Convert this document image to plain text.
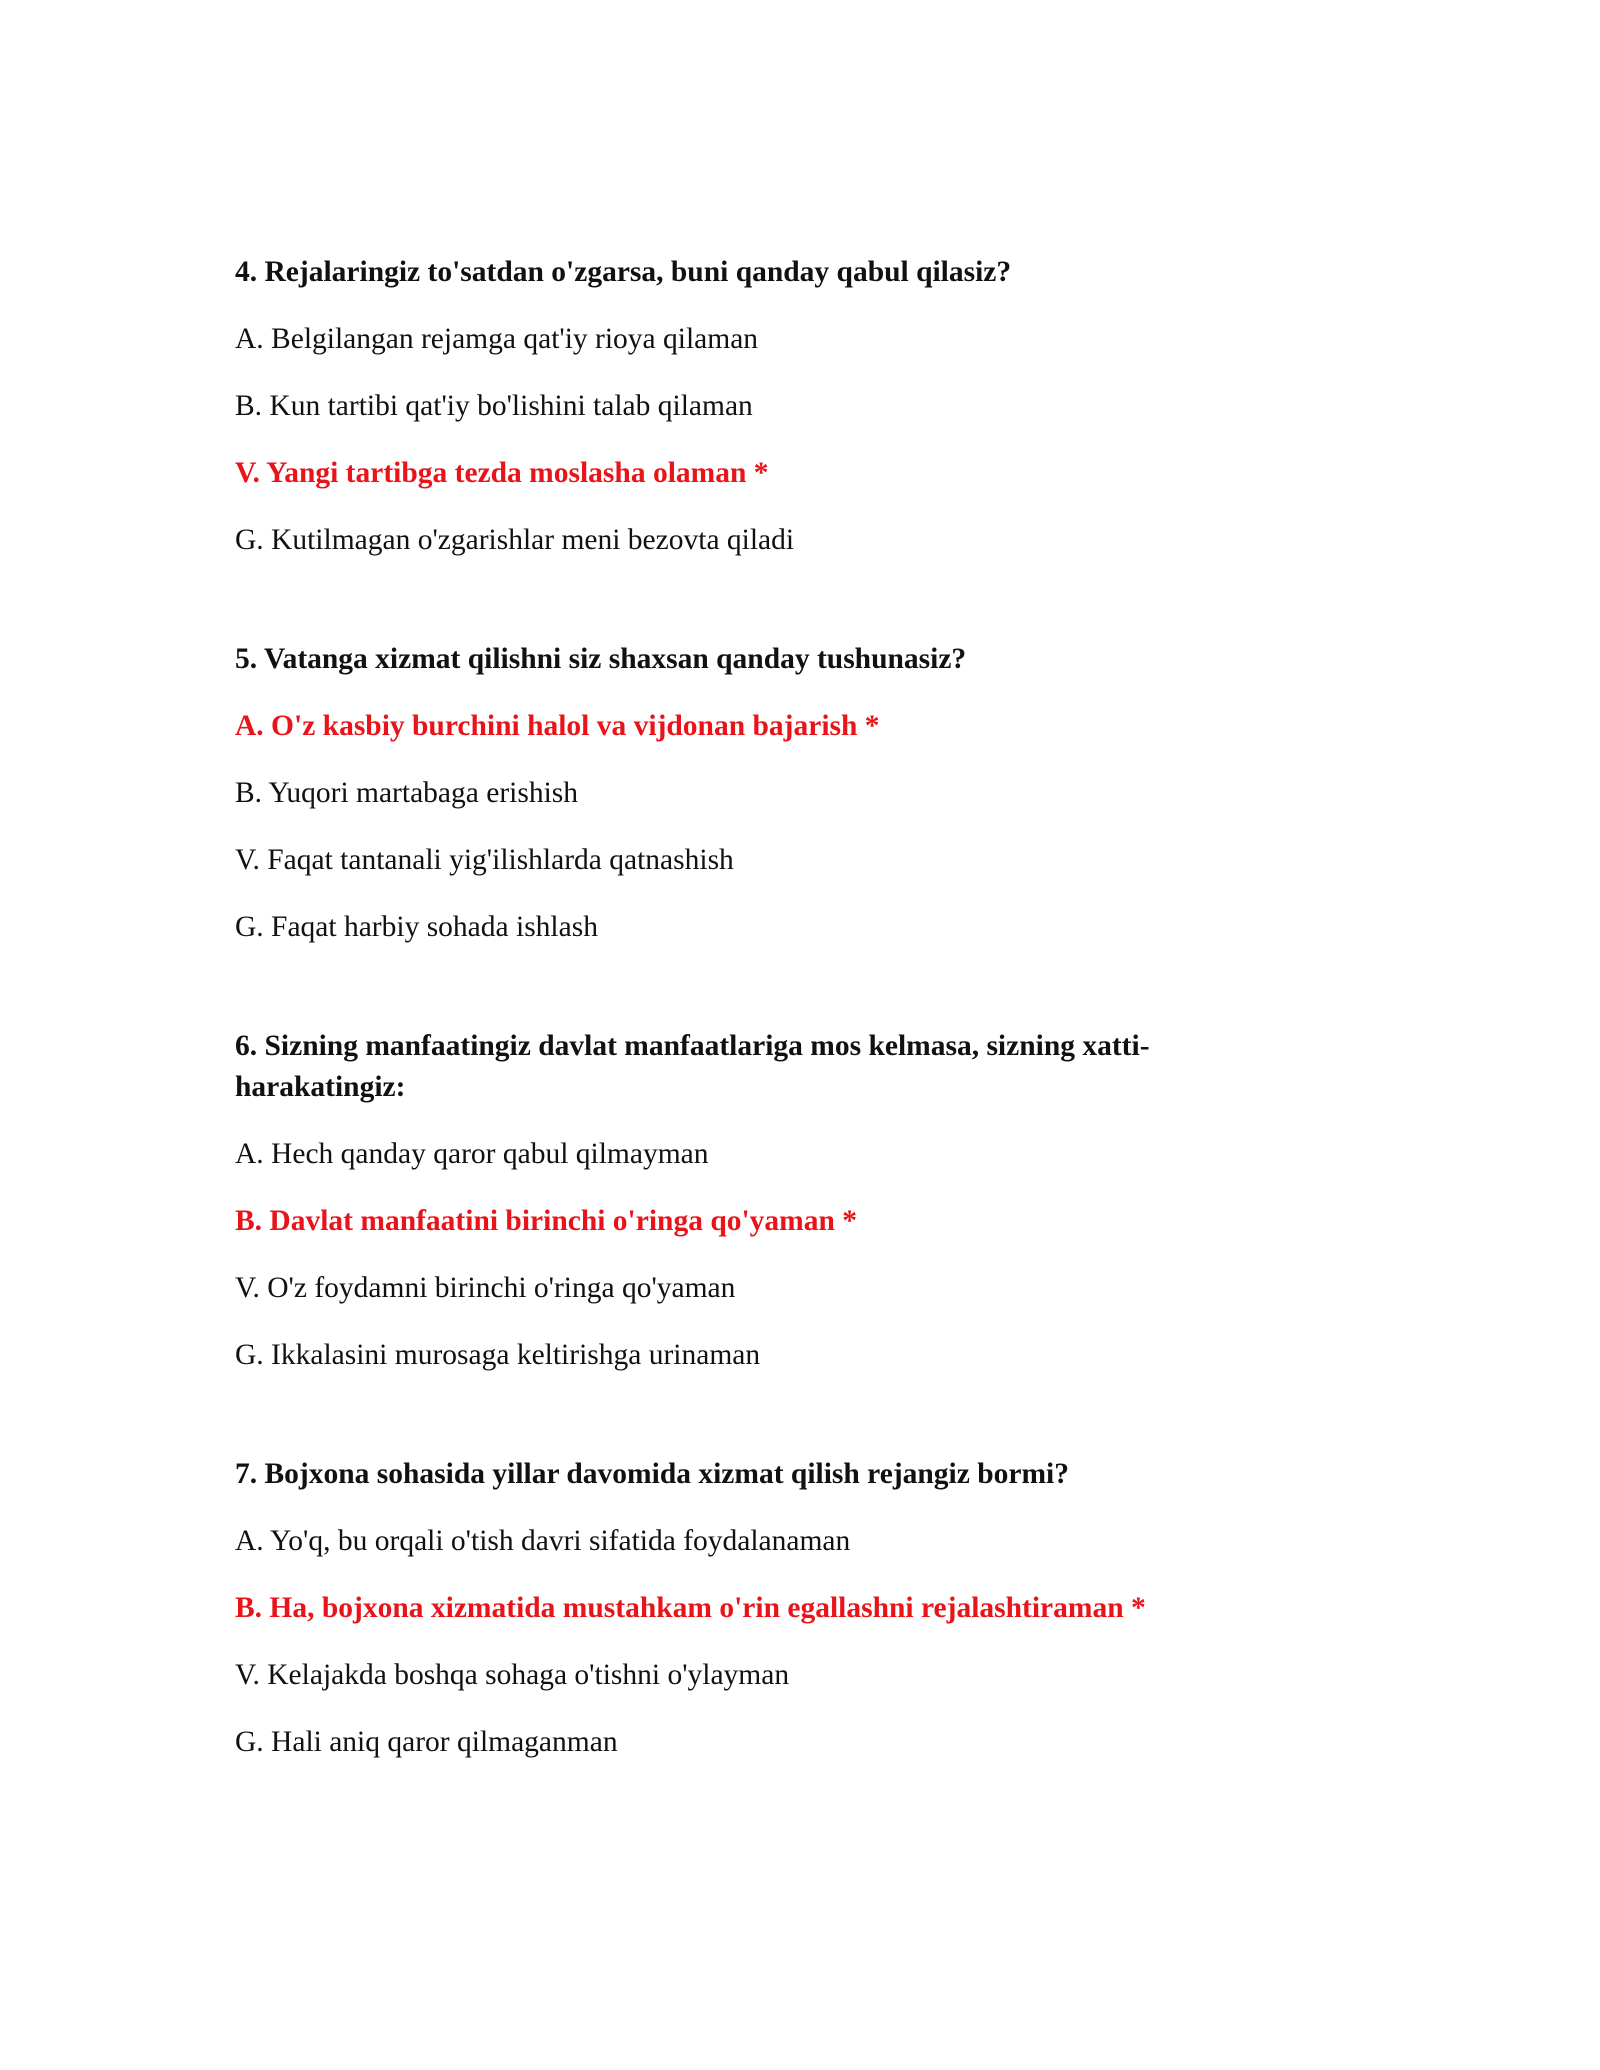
4. Rejalaringiz to'satdan o'zgarsa, buni qanday qabul qilasiz?
A. Belgilangan rejamga qat'iy rioya qilaman
B. Kun tartibi qat'iy bo'lishini talab qilaman
V. Yangi tartibga tezda moslasha olaman *
G. Kutilmagan o'zgarishlar meni bezovta qiladi
5. Vatanga xizmat qilishni siz shaxsan qanday tushunasiz?
A. O'z kasbiy burchini halol va vijdonan bajarish *
B. Yuqori martabaga erishish
V. Faqat tantanali yig'ilishlarda qatnashish
G. Faqat harbiy sohada ishlash
6. Sizning manfaatingiz davlat manfaatlariga mos kelmasa, sizning xatti-harakatingiz:
A. Hech qanday qaror qabul qilmayman
B. Davlat manfaatini birinchi o'ringa qo'yaman *
V. O'z foydamni birinchi o'ringa qo'yaman
G. Ikkalasini murosaga keltirishga urinaman
7. Bojxona sohasida yillar davomida xizmat qilish rejangiz bormi?
A. Yo'q, bu orqali o'tish davri sifatida foydalanaman
B. Ha, bojxona xizmatida mustahkam o'rin egallashni rejalashtiraman *
V. Kelajakda boshqa sohaga o'tishni o'ylayman
G. Hali aniq qaror qilmaganman
